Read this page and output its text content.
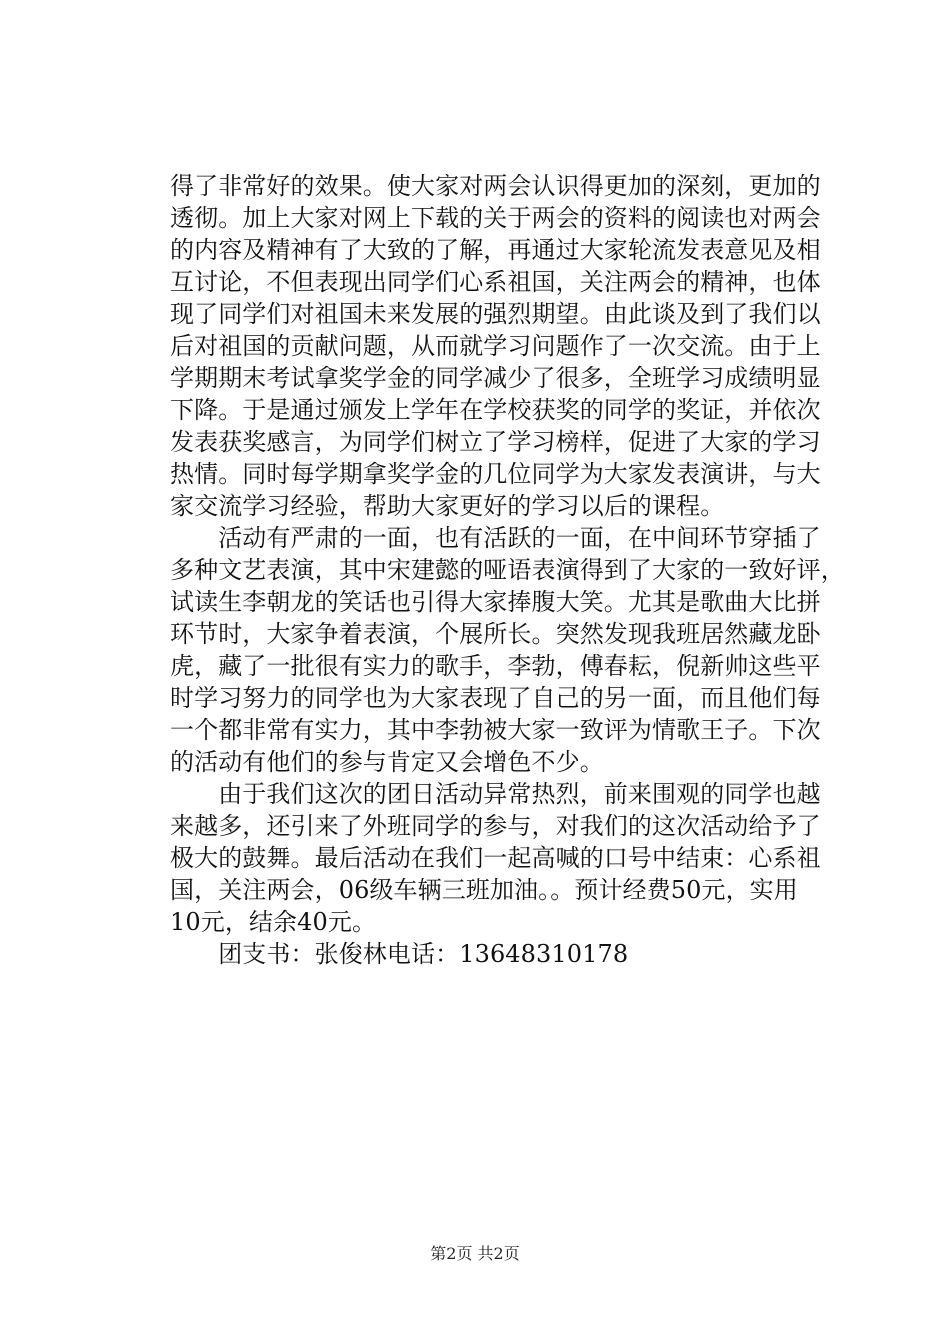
得了非常好的效果。使大家对两会认识得更加的深刻，更加的
透彻。加上大家对网上下载的关于两会的资料的阅读也对两会
的内容及精神有了大致的了解，再通过大家轮流发表意见及相
互讨论，不但表现出同学们心系祖国，关注两会的精神，也体
现了同学们对祖国未来发展的强烈期望。由此谈及到了我们以
后对祖国的贡献问题，从而就学习问题作了一次交流。由于上
学期期末考试拿奖学金的同学减少了很多，全班学习成绩明显
下降。于是通过颁发上学年在学校获奖的同学的奖证，并依次
发表获奖感言，为同学们树立了学习榜样，促进了大家的学习
热情。同时每学期拿奖学金的几位同学为大家发表演讲，与大
家交流学习经验，帮助大家更好的学习以后的课程。
　　活动有严肃的一面，也有活跃的一面，在中间环节穿插了
多种文艺表演，其中宋建懿的哑语表演得到了大家的一致好评，
试读生李朝龙的笑话也引得大家捧腹大笑。尤其是歌曲大比拼
环节时，大家争着表演，个展所长。突然发现我班居然藏龙卧
虎，藏了一批很有实力的歌手，李勃，傅春耘，倪新帅这些平
时学习努力的同学也为大家表现了自己的另一面，而且他们每
一个都非常有实力，其中李勃被大家一致评为情歌王子。下次
的活动有他们的参与肯定又会增色不少。
　　由于我们这次的团日活动异常热烈，前来围观的同学也越
来越多，还引来了外班同学的参与，对我们的这次活动给予了
极大的鼓舞。最后活动在我们一起高喊的口号中结束：心系祖
国，关注两会，06级车辆三班加油。。预计经费50元，实用
10元，结余40元。
　　团支书：张俊林电话：13648310178
第2页 共2页
